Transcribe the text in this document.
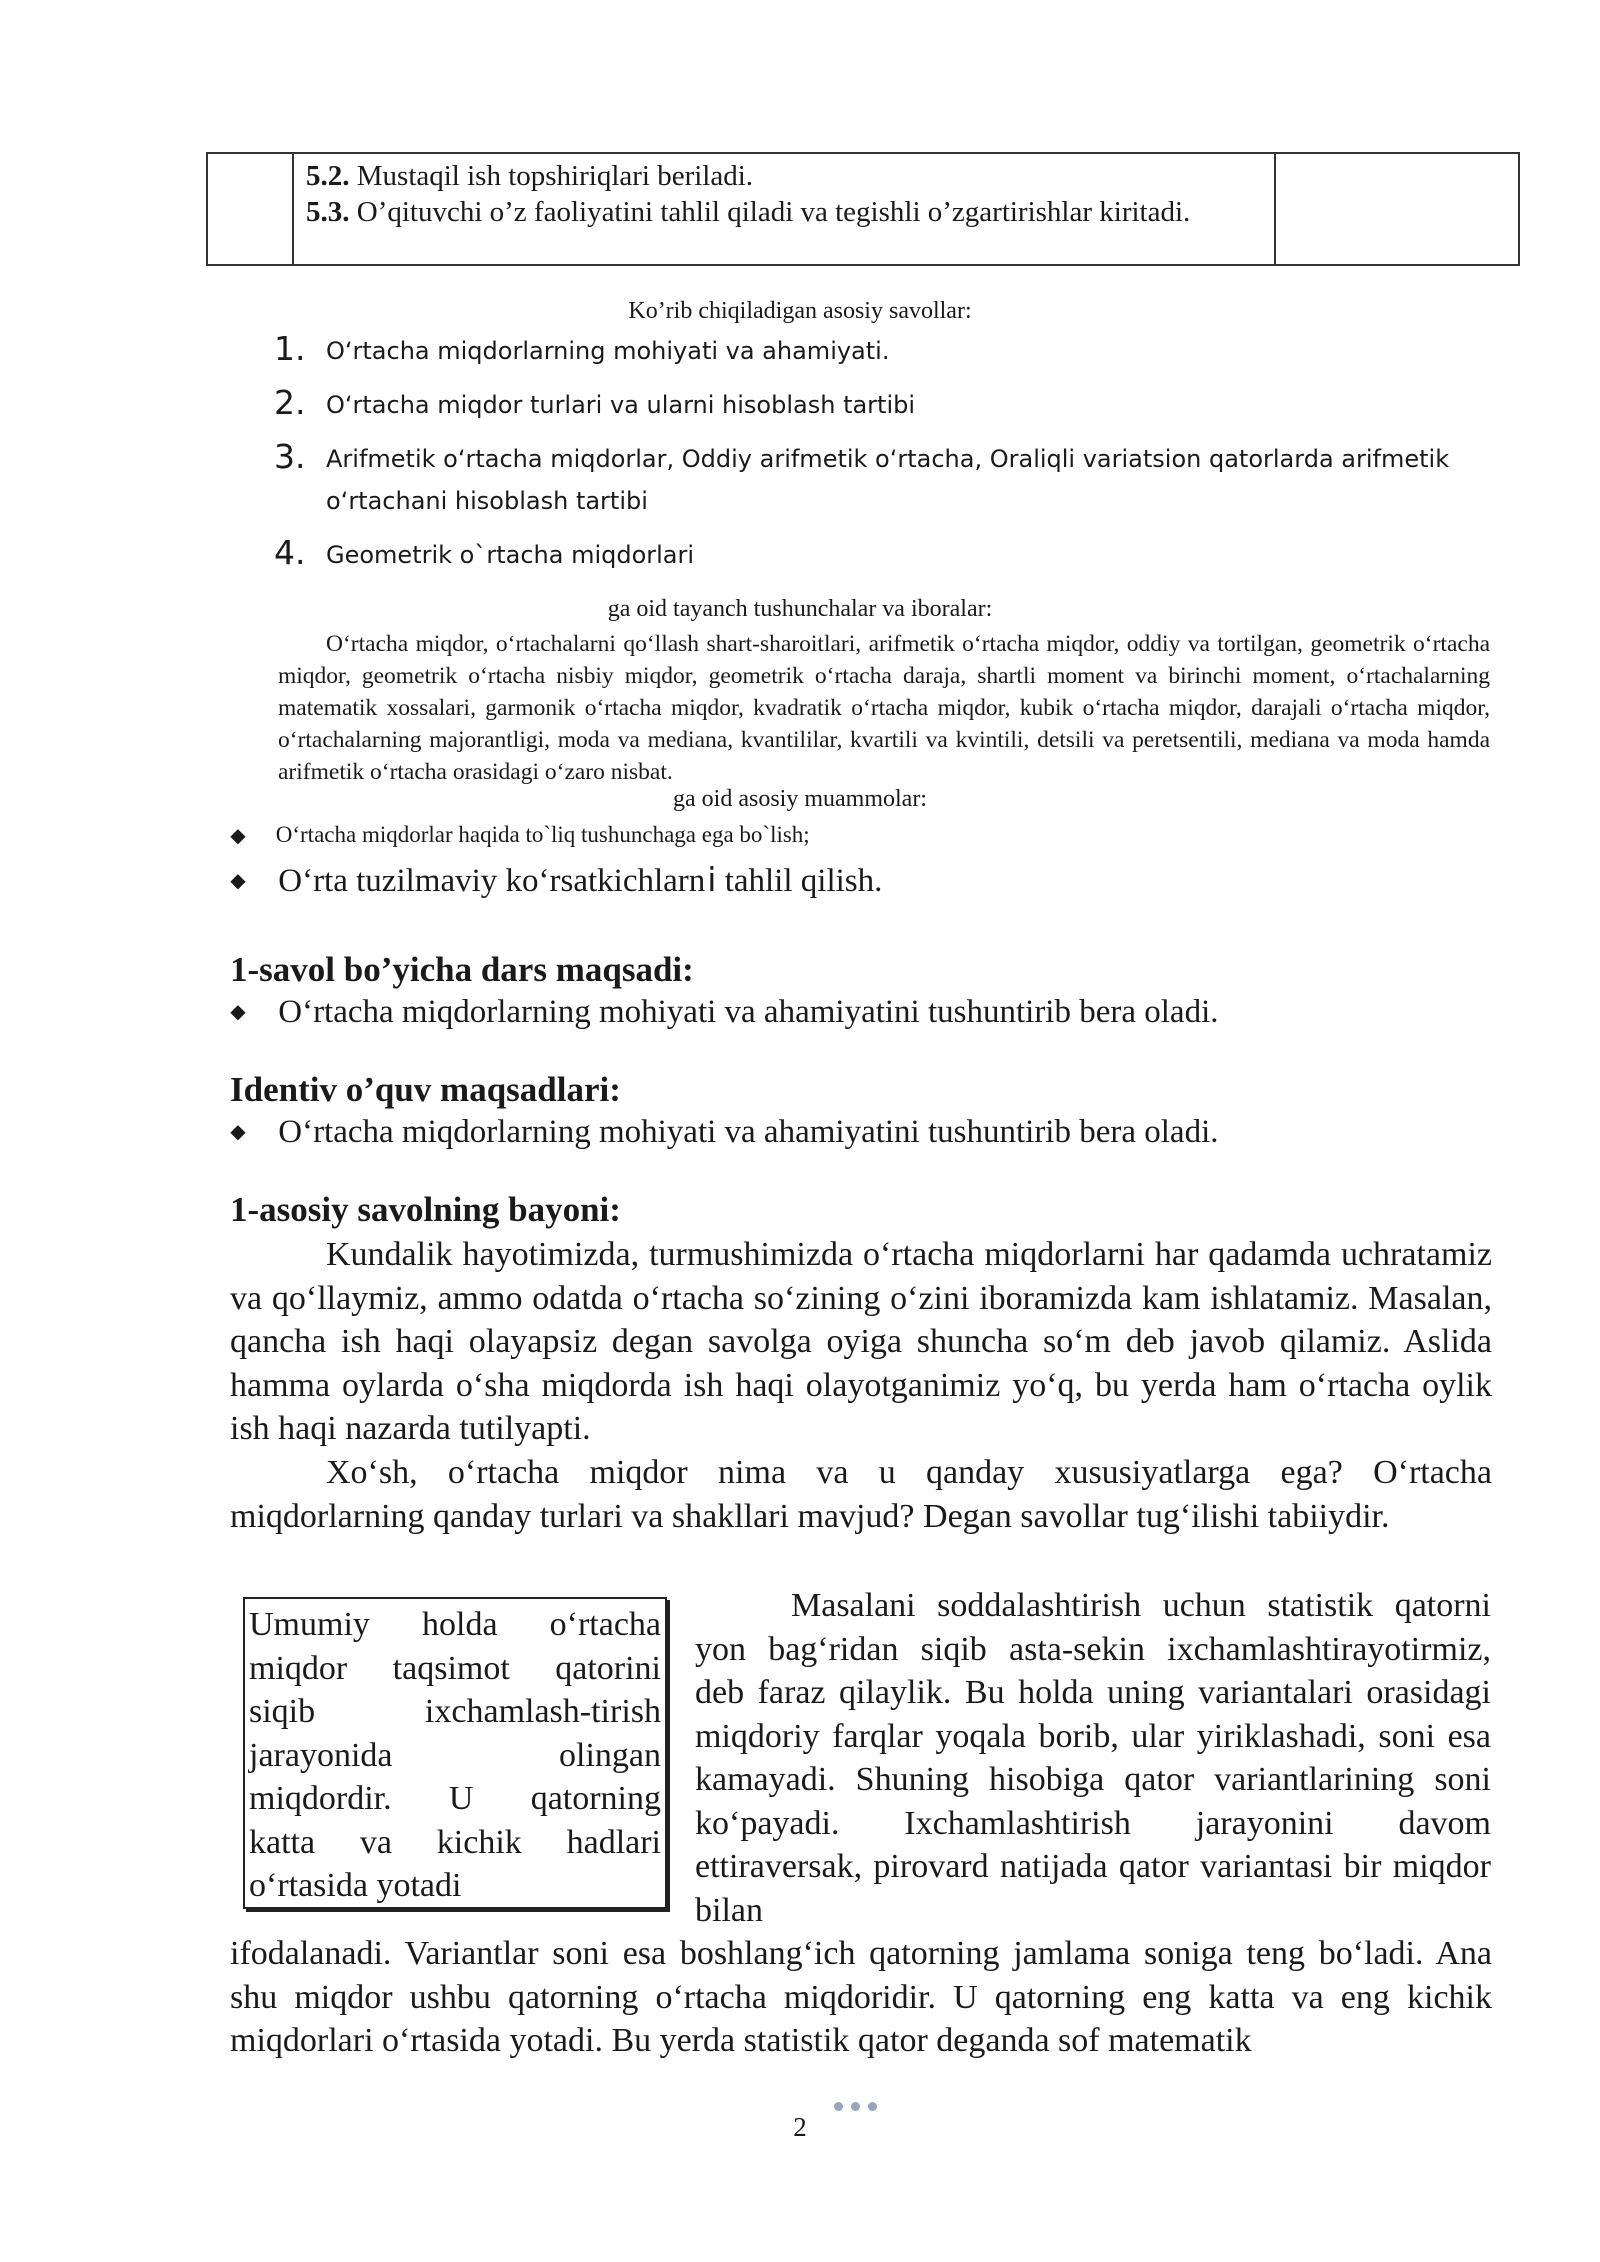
5.2. Mustaqil ish topshiriqlari beriladi.
5.3. O’qituvchi o’z faoliyatini tahlil qiladi va tegishli o’zgartirishlar kiritadi.
Ko’rib chiqiladigan asosiy savollar:
1. O‘rtacha miqdorlarning mohiyati va ahamiyati.
2. O‘rtacha miqdor turlari va ularni hisoblash tartibi
3. Arifmetik o‘rtacha miqdorlar, Oddiy arifmetik o‘rtacha, Oraliqli variatsion qatorlarda arifmetik o‘rtachani hisoblash tartibi
4. Geometrik o`rtacha miqdorlari
ga oid tayanch tushunchalar va iboralar:
O‘rtacha miqdor, o‘rtachalarni qo‘llash shart-sharoitlari, arifmetik o‘rtacha miqdor, oddiy va tortilgan, geometrik o‘rtacha miqdor, geometrik o‘rtacha nisbiy miqdor, geometrik o‘rtacha daraja, shartli moment va birinchi moment, o‘rtachalarning matematik xossalari, garmonik o‘rtacha miqdor, kvadratik o‘rtacha miqdor, kubik o‘rtacha miqdor, darajali o‘rtacha miqdor, o‘rtachalarning majorantligi, moda va mediana, kvantililar, kvartili va kvintili, detsili va peretsentili, mediana va moda hamda arifmetik o‘rtacha orasidagi o‘zaro nisbat.
ga oid asosiy muammolar:
◆ O‘rtacha miqdorlar haqida to`liq tushunchaga ega bo`lish;
◆ O‘rta tuzilmaviy ko‘rsatkichlarni tahlil qilish.
1-savol bo’yicha dars maqsadi:
◆ O‘rtacha miqdorlarning mohiyati va ahamiyatini tushuntirib bera oladi.
Identiv o’quv maqsadlari:
◆ O‘rtacha miqdorlarning mohiyati va ahamiyatini tushuntirib bera oladi.
1-asosiy savolning bayoni:
Kundalik hayotimizda, turmushimizda o‘rtacha miqdorlarni har qadamda uchratamiz va qo‘llaymiz, ammo odatda o‘rtacha so‘zining o‘zini iboramizda kam ishlatamiz. Masalan, qancha ish haqi olayapsiz degan savolga oyiga shuncha so‘m deb javob qilamiz. Aslida hamma oylarda o‘sha miqdorda ish haqi olayotganimiz yo‘q, bu yerda ham o‘rtacha oylik ish haqi nazarda tutilyapti.
Xo‘sh, o‘rtacha miqdor nima va u qanday xususiyatlarga ega? O‘rtacha miqdorlarning qanday turlari va shakllari mavjud? Degan savollar tug‘ilishi tabiiydir.
Umumiy holda o‘rtacha
miqdor taqsimot qatorini
siqib ixchamlash-tirish
jarayonida olingan
miqdordir. U qatorning
katta va kichik hadlari
o‘rtasida yotadi
Masalani soddalashtirish uchun statistik qatorni yon bag‘ridan siqib asta-sekin ixchamlashtirayotirmiz, deb faraz qilaylik. Bu holda uning variantalari orasidagi miqdoriy farqlar yoqala borib, ular yiriklashadi, soni esa kamayadi. Shuning hisobiga qator variantlarining soni ko‘payadi. Ixchamlashtirish jarayonini davom ettiraversak, pirovard natijada qator variantasi bir miqdor bilan
ifodalanadi. Variantlar soni esa boshlang‘ich qatorning jamlama soniga teng bo‘ladi. Ana shu miqdor ushbu qatorning o‘rtacha miqdoridir. U qatorning eng katta va eng kichik miqdorlari o‘rtasida yotadi. Bu yerda statistik qator deganda sof matematik
2
